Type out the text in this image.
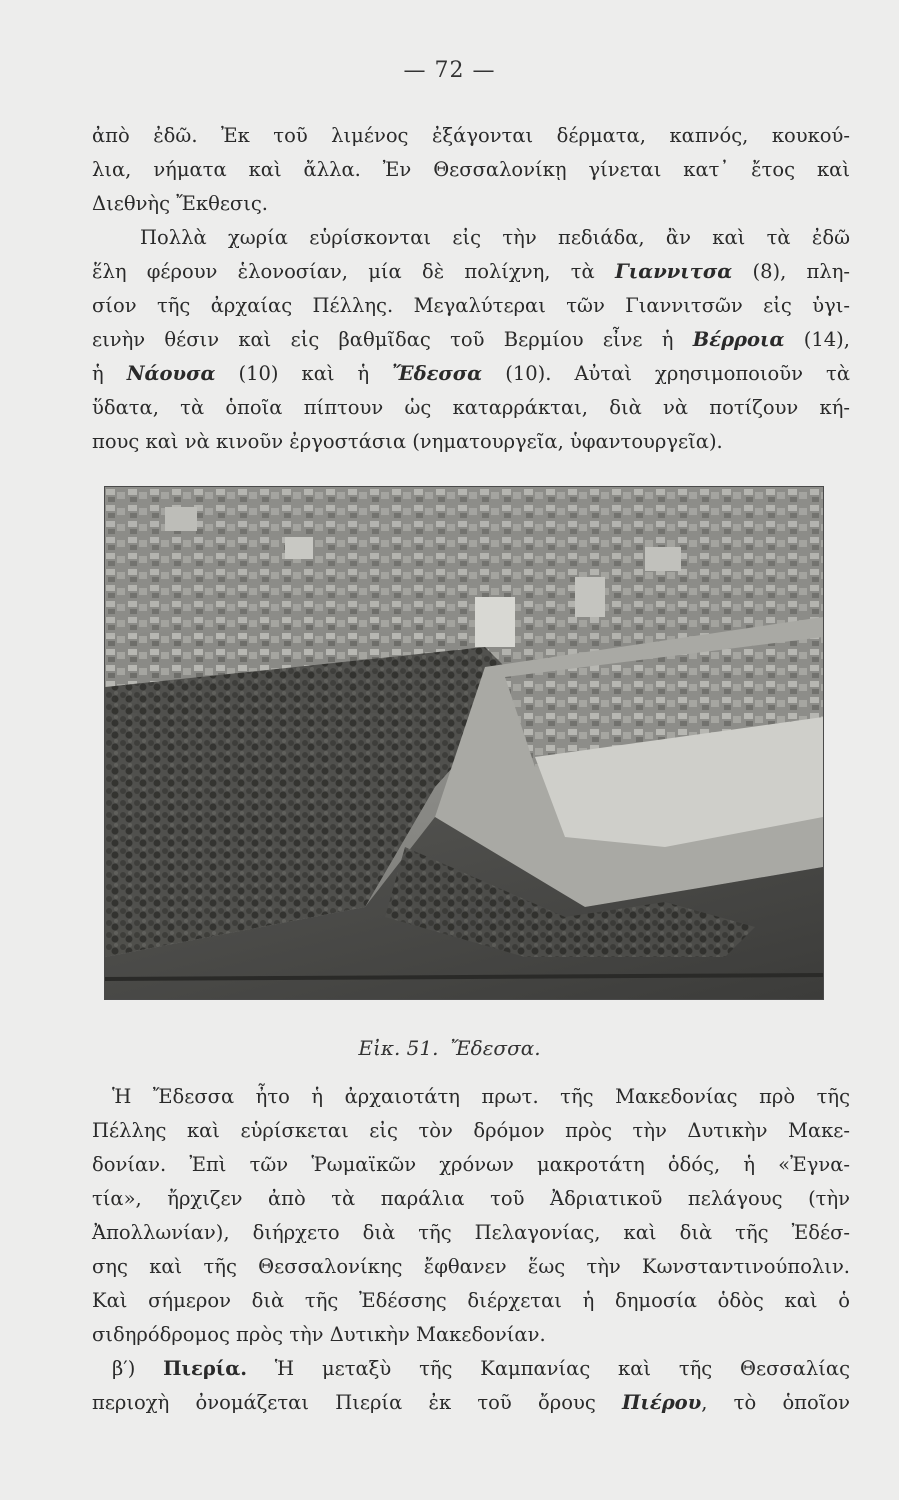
— 72 —
ἀπὸ ἐδῶ. Ἐκ τοῦ λιμένος ἐξάγονται δέρματα, καπνός, κουκού-
λια, νήματα καὶ ἄλλα. Ἐν Θεσσαλονίκῃ γίνεται κατ᾿ ἔτος καὶ
Διεθνὴς Ἔκθεσις.
Πολλὰ χωρία εὑρίσκονται εἰς τὴν πεδιάδα, ἂν καὶ τὰ ἐδῶ
ἕλη φέρουν ἑλονοσίαν, μία δὲ πολίχνη, τὰ Γιαννιτσα (8), πλη-
σίον τῆς ἀρχαίας Πέλλης. Μεγαλύτεραι τῶν Γιαννιτσῶν εἰς ὑγι-
εινὴν θέσιν καὶ εἰς βαθμῖδας τοῦ Βερμίου εἶνε ἡ Βέρροια (14),
ἡ Νάουσα (10) καὶ ἡ Ἔδεσσα (10). Αὐταὶ χρησιμοποιοῦν τὰ
ὕδατα, τὰ ὁποῖα πίπτουν ὡς καταρράκται, διὰ νὰ ποτίζουν κή-
πους καὶ νὰ κινοῦν ἐργοστάσια (νηματουργεῖα, ὑφαντουργεῖα).
Εἰκ. 51. Ἔδεσσα.
Ἡ Ἔδεσσα ἦτο ἡ ἀρχαιοτάτη πρωτ. τῆς Μακεδονίας πρὸ τῆς
Πέλλης καὶ εὑρίσκεται εἰς τὸν δρόμον πρὸς τὴν Δυτικὴν Μακε-
δονίαν. Ἐπὶ τῶν Ῥωμαϊκῶν χρόνων μακροτάτη ὁδός, ἡ «Ἐγνα-
τία», ἤρχιζεν ἀπὸ τὰ παράλια τοῦ Ἀδριατικοῦ πελάγους (τὴν
Ἀπολλωνίαν), διήρχετο διὰ τῆς Πελαγονίας, καὶ διὰ τῆς Ἐδέσ-
σης καὶ τῆς Θεσσαλονίκης ἔφθανεν ἕως τὴν Κωνσταντινούπολιν.
Καὶ σήμερον διὰ τῆς Ἐδέσσης διέρχεται ἡ δημοσία ὁδὸς καὶ ὁ
σιδηρόδρομος πρὸς τὴν Δυτικὴν Μακεδονίαν.
β′) Πιερία. Ἡ μεταξὺ τῆς Καμπανίας καὶ τῆς Θεσσαλίας
περιοχὴ ὀνομάζεται Πιερία ἐκ τοῦ ὄρους Πιέρου, τὸ ὁποῖον
